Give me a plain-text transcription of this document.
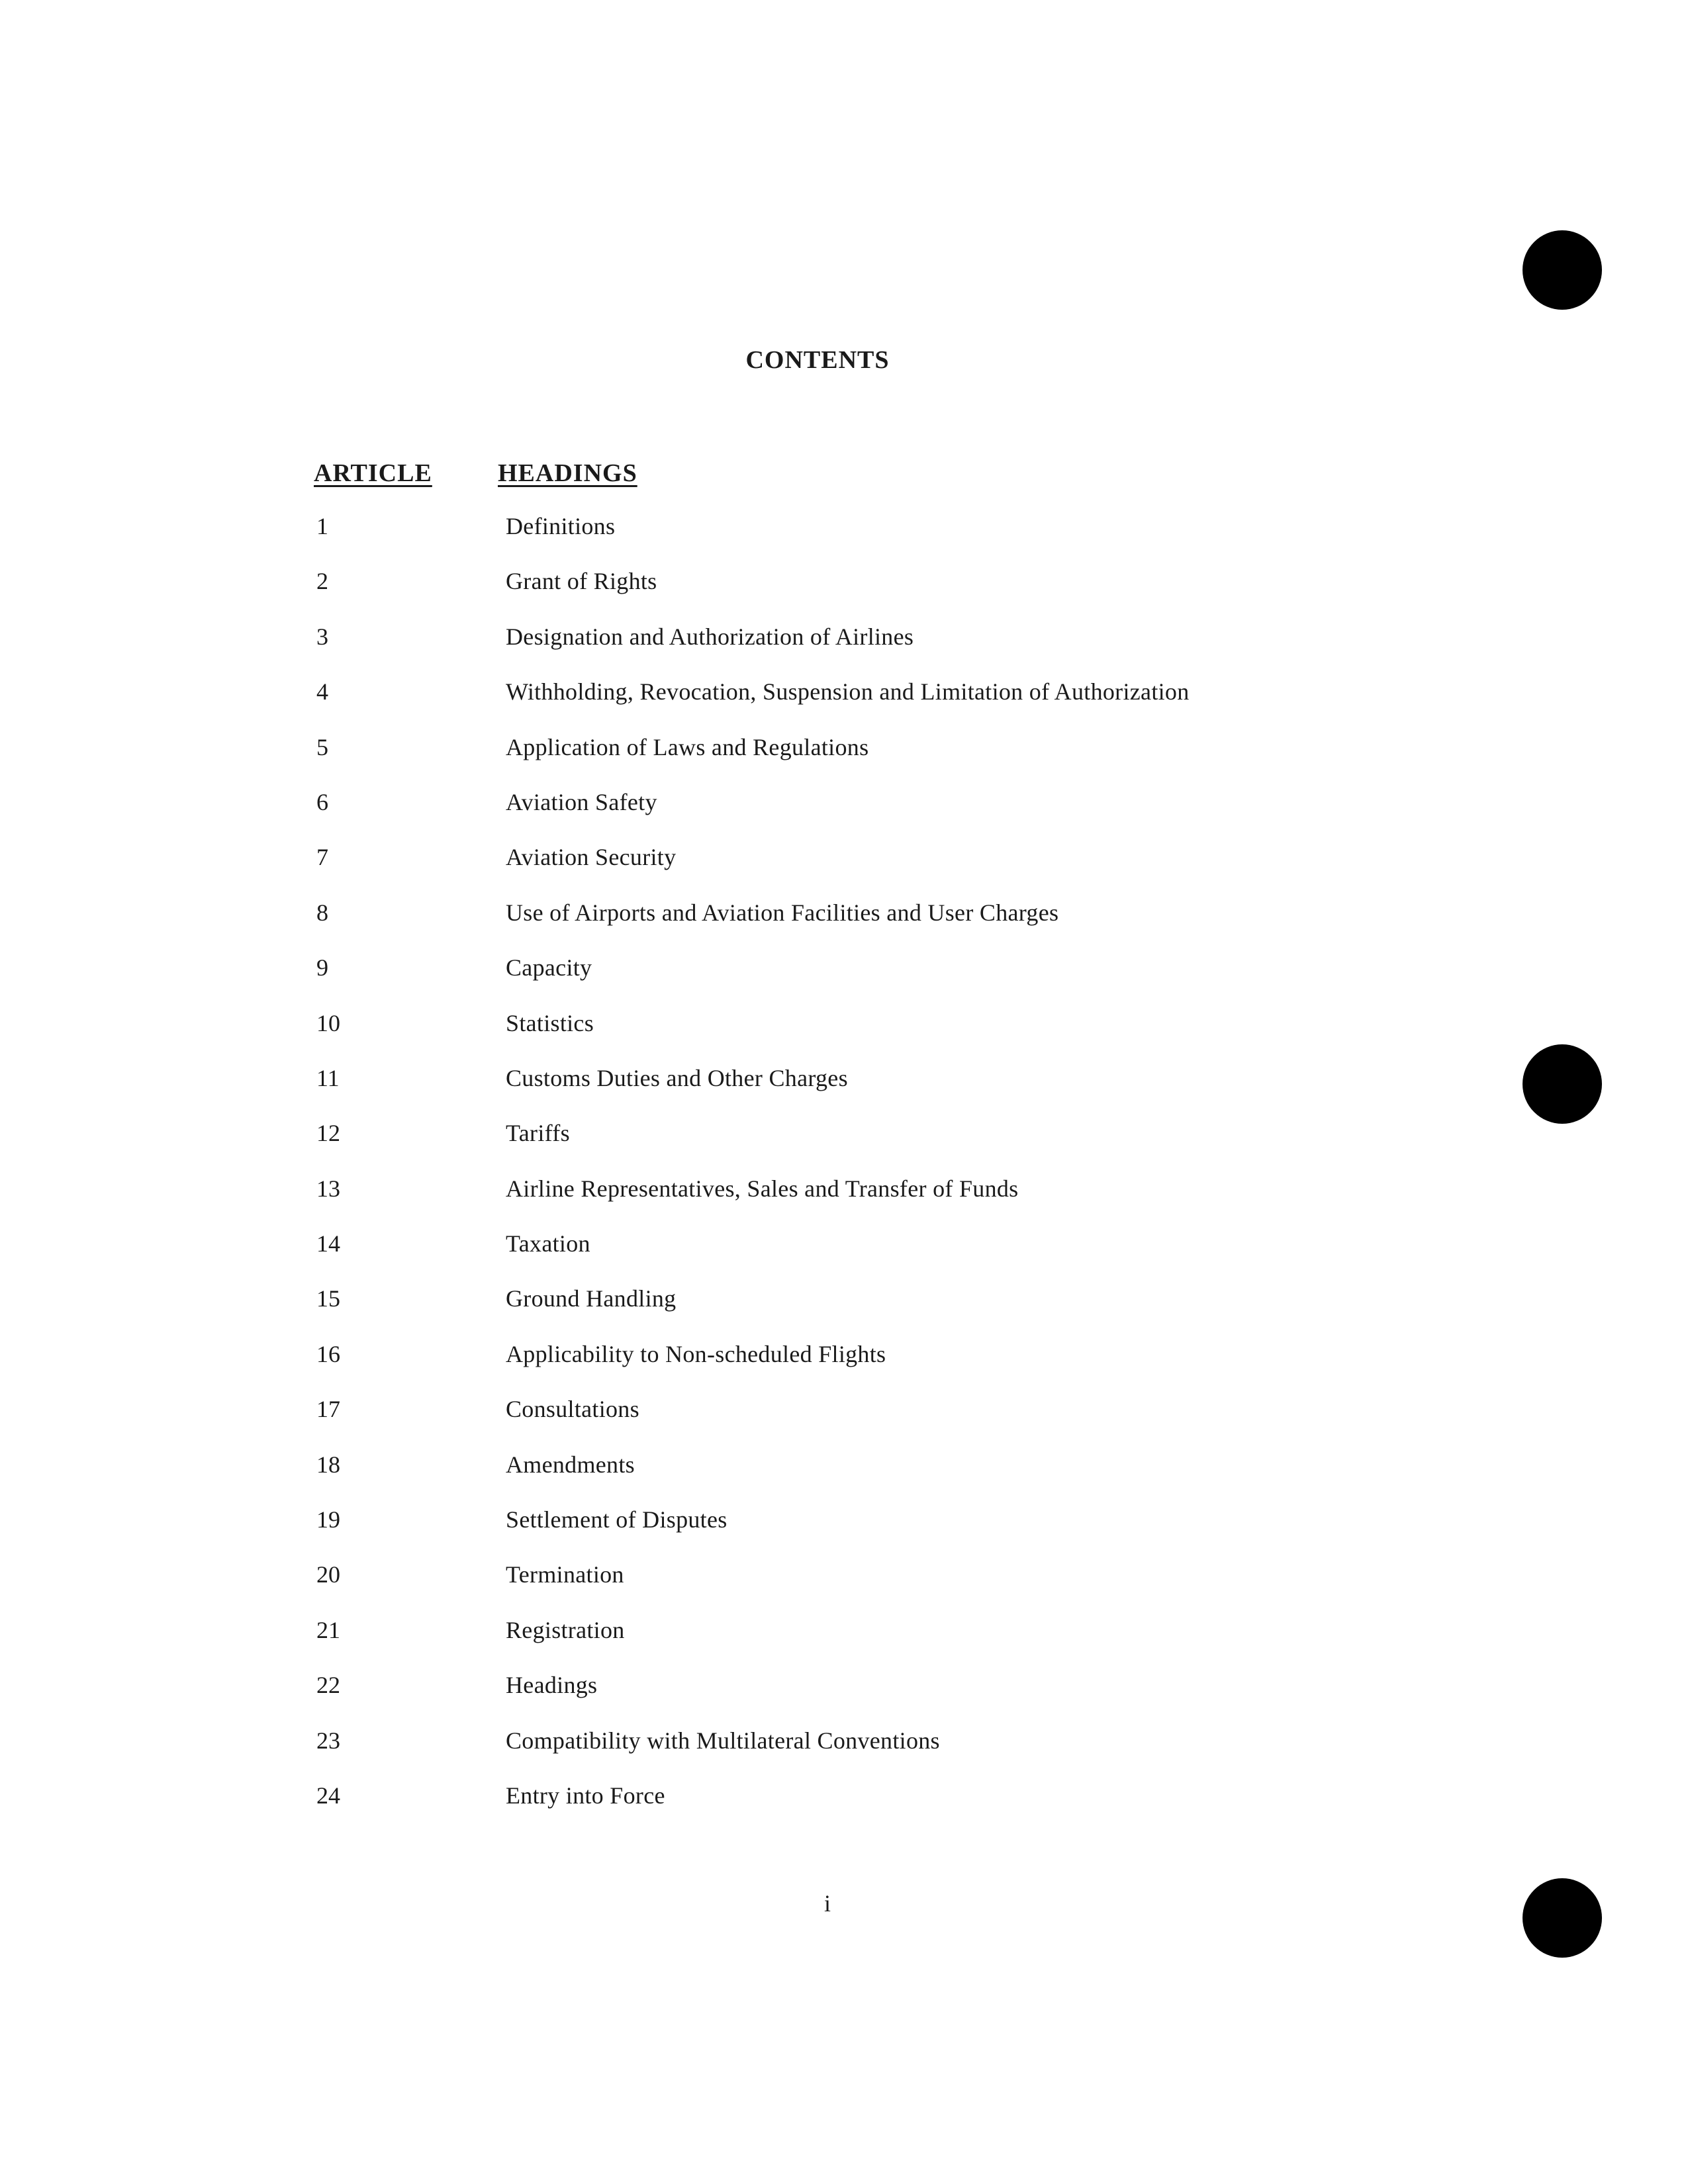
CONTENTS
ARTICLE	HEADINGS
1	Definitions
2	Grant of Rights
3	Designation and Authorization of Airlines
4	Withholding, Revocation, Suspension and Limitation of Authorization
5	Application of Laws and Regulations
6	Aviation Safety
7	Aviation Security
8	Use of Airports and Aviation Facilities and User Charges
9	Capacity
10	Statistics
11	Customs Duties and Other Charges
12	Tariffs
13	Airline Representatives, Sales and Transfer of Funds
14	Taxation
15	Ground Handling
16	Applicability to Non-scheduled Flights
17	Consultations
18	Amendments
19	Settlement of Disputes
20	Termination
21	Registration
22	Headings
23	Compatibility with Multilateral Conventions
24	Entry into Force
i
